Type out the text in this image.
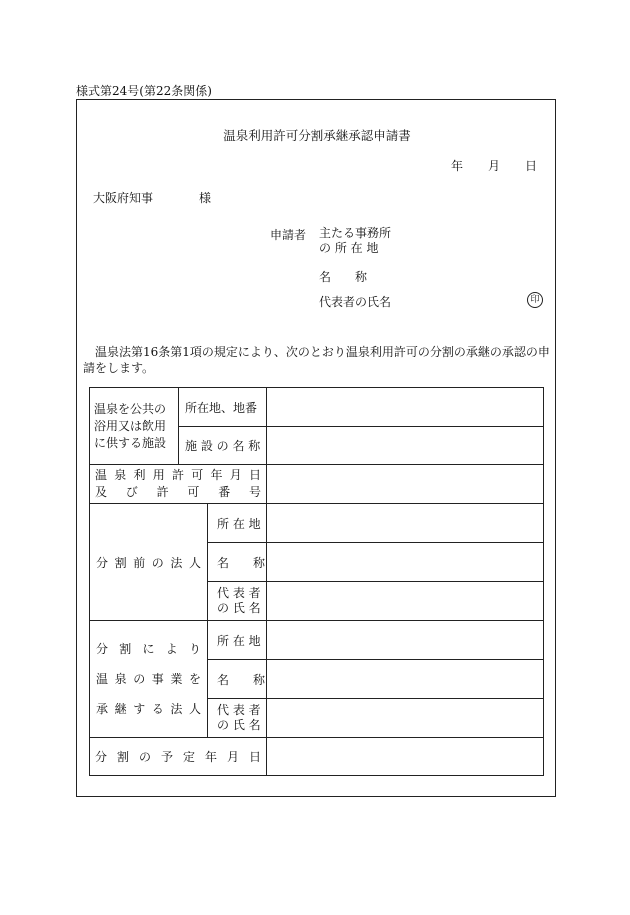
様式第24号(第22条関係)
温泉利用許可分割承継承認申請書
年 月 日
大阪府知事	様
申請者 主たる事務所
の 所 在 地
名　　称
代表者の氏名	印
温泉法第16条第1項の規定により、次のとおり温泉利用許可の分割の承継の承認の申請をします。
温泉を公共の
浴用又は飲用
に供する施設
所在地、地番
施 設 の 名 称
温泉利用許可年月日
及び許可番号
分割前の法人
所 在 地
名　　称
代 表 者
の 氏 名
分割により
温泉の事業を
承継する法人
所 在 地
名　　称
代 表 者
の 氏 名
分割の予定年月日
